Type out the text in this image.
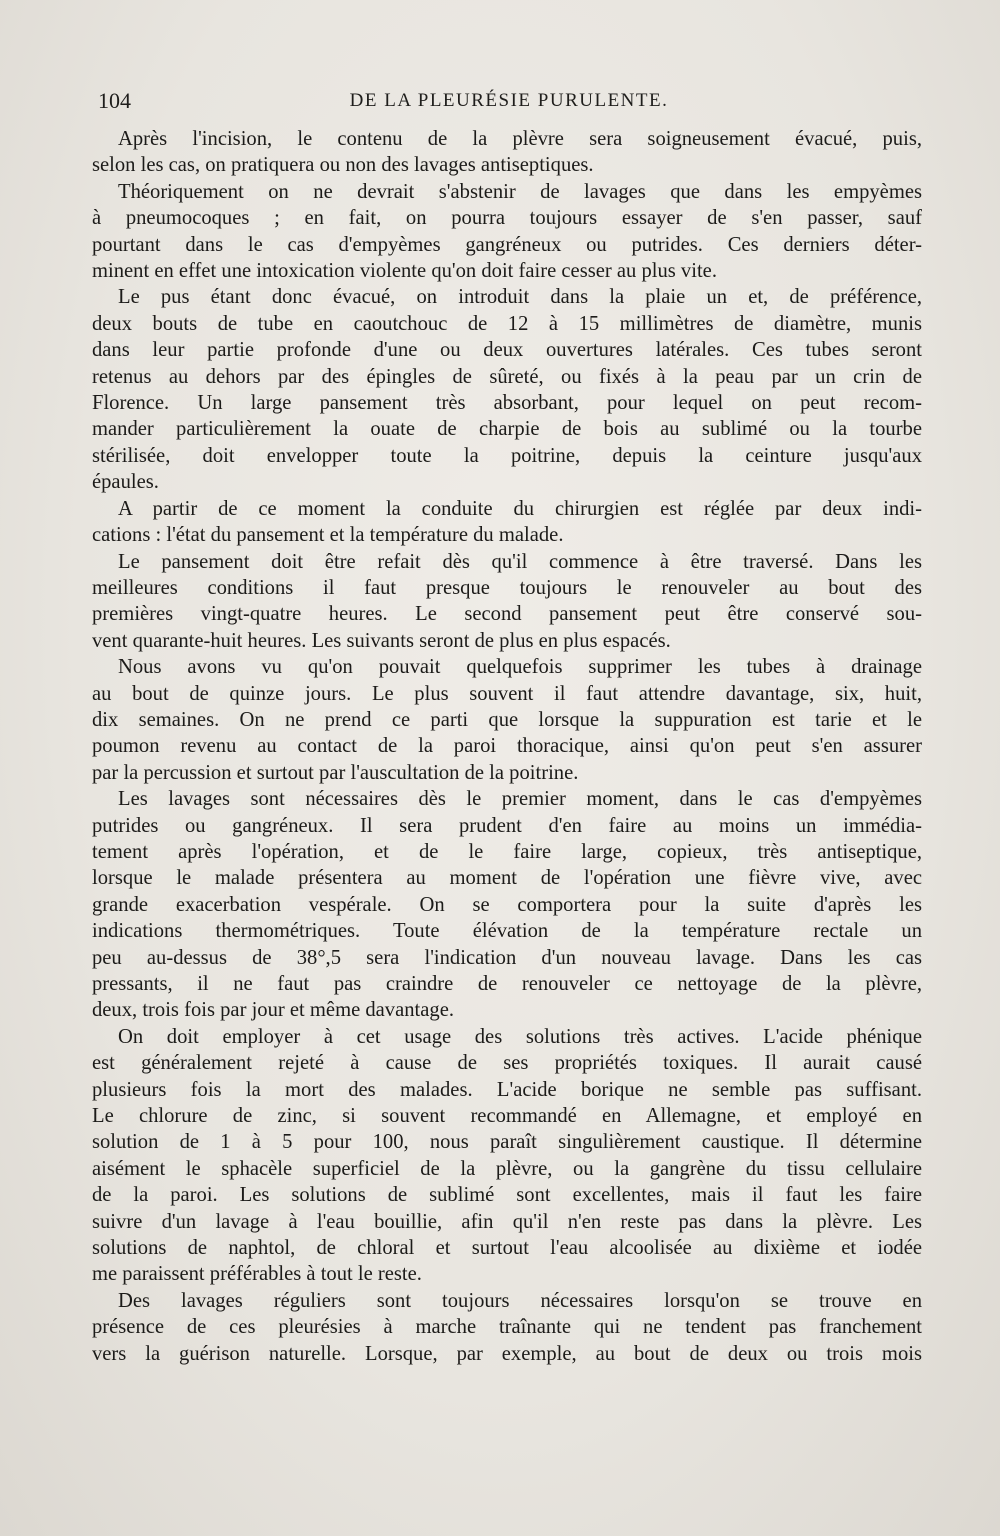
104	DE LA PLEURÉSIE PURULENTE.
Après l'incision, le contenu de la plèvre sera soigneusement évacué, puis,
selon les cas, on pratiquera ou non des lavages antiseptiques.
Théoriquement on ne devrait s'abstenir de lavages que dans les empyèmes
à pneumocoques ; en fait, on pourra toujours essayer de s'en passer, sauf
pourtant dans le cas d'empyèmes gangréneux ou putrides. Ces derniers déter-
minent en effet une intoxication violente qu'on doit faire cesser au plus vite.
Le pus étant donc évacué, on introduit dans la plaie un et, de préférence,
deux bouts de tube en caoutchouc de 12 à 15 millimètres de diamètre, munis
dans leur partie profonde d'une ou deux ouvertures latérales. Ces tubes seront
retenus au dehors par des épingles de sûreté, ou fixés à la peau par un crin de
Florence. Un large pansement très absorbant, pour lequel on peut recom-
mander particulièrement la ouate de charpie de bois au sublimé ou la tourbe
stérilisée, doit envelopper toute la poitrine, depuis la ceinture jusqu'aux
épaules.
A partir de ce moment la conduite du chirurgien est réglée par deux indi-
cations : l'état du pansement et la température du malade.
Le pansement doit être refait dès qu'il commence à être traversé. Dans les
meilleures conditions il faut presque toujours le renouveler au bout des
premières vingt-quatre heures. Le second pansement peut être conservé sou-
vent quarante-huit heures. Les suivants seront de plus en plus espacés.
Nous avons vu qu'on pouvait quelquefois supprimer les tubes à drainage
au bout de quinze jours. Le plus souvent il faut attendre davantage, six, huit,
dix semaines. On ne prend ce parti que lorsque la suppuration est tarie et le
poumon revenu au contact de la paroi thoracique, ainsi qu'on peut s'en assurer
par la percussion et surtout par l'auscultation de la poitrine.
Les lavages sont nécessaires dès le premier moment, dans le cas d'empyèmes
putrides ou gangréneux. Il sera prudent d'en faire au moins un immédia-
tement après l'opération, et de le faire large, copieux, très antiseptique,
lorsque le malade présentera au moment de l'opération une fièvre vive, avec
grande exacerbation vespérale. On se comportera pour la suite d'après les
indications thermométriques. Toute élévation de la température rectale un
peu au-dessus de 38°,5 sera l'indication d'un nouveau lavage. Dans les cas
pressants, il ne faut pas craindre de renouveler ce nettoyage de la plèvre,
deux, trois fois par jour et même davantage.
On doit employer à cet usage des solutions très actives. L'acide phénique
est généralement rejeté à cause de ses propriétés toxiques. Il aurait causé
plusieurs fois la mort des malades. L'acide borique ne semble pas suffisant.
Le chlorure de zinc, si souvent recommandé en Allemagne, et employé en
solution de 1 à 5 pour 100, nous paraît singulièrement caustique. Il détermine
aisément le sphacèle superficiel de la plèvre, ou la gangrène du tissu cellulaire
de la paroi. Les solutions de sublimé sont excellentes, mais il faut les faire
suivre d'un lavage à l'eau bouillie, afin qu'il n'en reste pas dans la plèvre. Les
solutions de naphtol, de chloral et surtout l'eau alcoolisée au dixième et iodée
me paraissent préférables à tout le reste.
Des lavages réguliers sont toujours nécessaires lorsqu'on se trouve en
présence de ces pleurésies à marche traînante qui ne tendent pas franchement
vers la guérison naturelle. Lorsque, par exemple, au bout de deux ou trois mois
